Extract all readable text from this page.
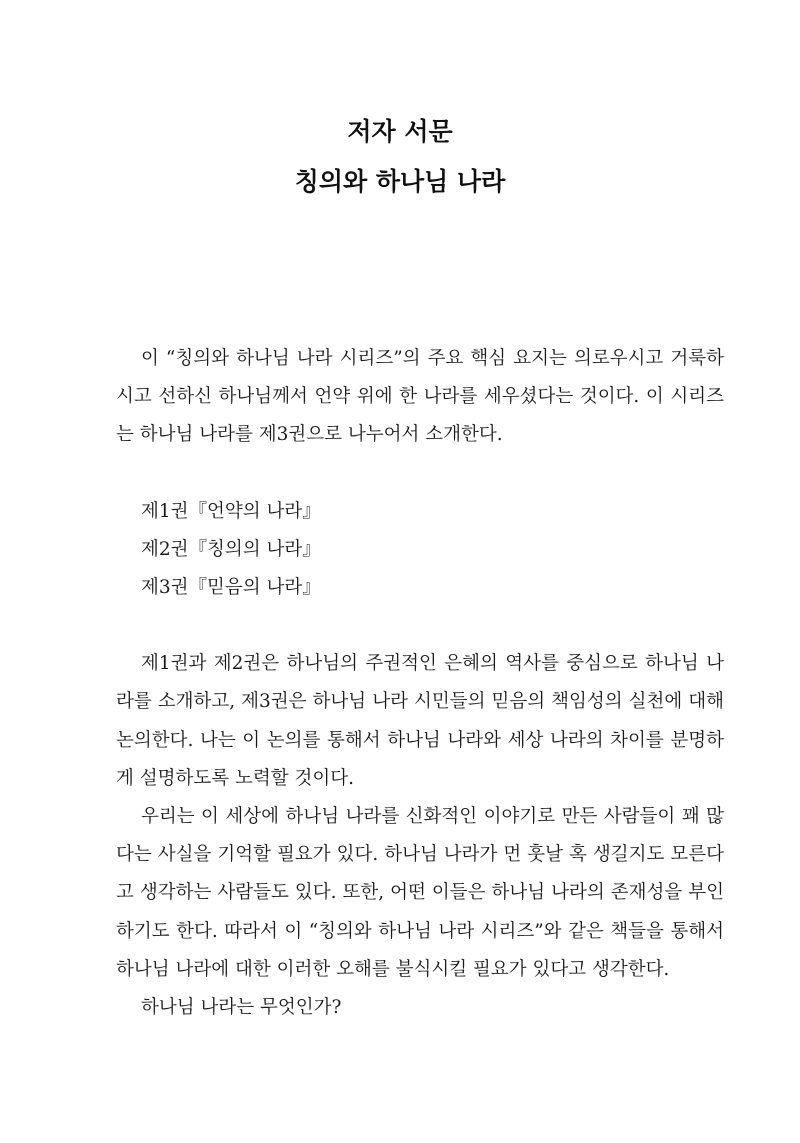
저자 서문
칭의와 하나님 나라

이 “칭의와 하나님 나라 시리즈”의 주요 핵심 요지는 의로우시고 거룩하시고 선하신 하나님께서 언약 위에 한 나라를 세우셨다는 것이다. 이 시리즈는 하나님 나라를 제3권으로 나누어서 소개한다.

제1권『언약의 나라』

제2권『칭의의 나라』

제3권『믿음의 나라』

제1권과 제2권은 하나님의 주권적인 은혜의 역사를 중심으로 하나님 나라를 소개하고, 제3권은 하나님 나라 시민들의 믿음의 책임성의 실천에 대해 논의한다. 나는 이 논의를 통해서 하나님 나라와 세상 나라의 차이를 분명하게 설명하도록 노력할 것이다.

우리는 이 세상에 하나님 나라를 신화적인 이야기로 만든 사람들이 꽤 많다는 사실을 기억할 필요가 있다. 하나님 나라가 먼 훗날 혹 생길지도 모른다고 생각하는 사람들도 있다. 또한, 어떤 이들은 하나님 나라의 존재성을 부인하기도 한다. 따라서 이 “칭의와 하나님 나라 시리즈”와 같은 책들을 통해서 하나님 나라에 대한 이러한 오해를 불식시킬 필요가 있다고 생각한다.

하나님 나라는 무엇인가?
